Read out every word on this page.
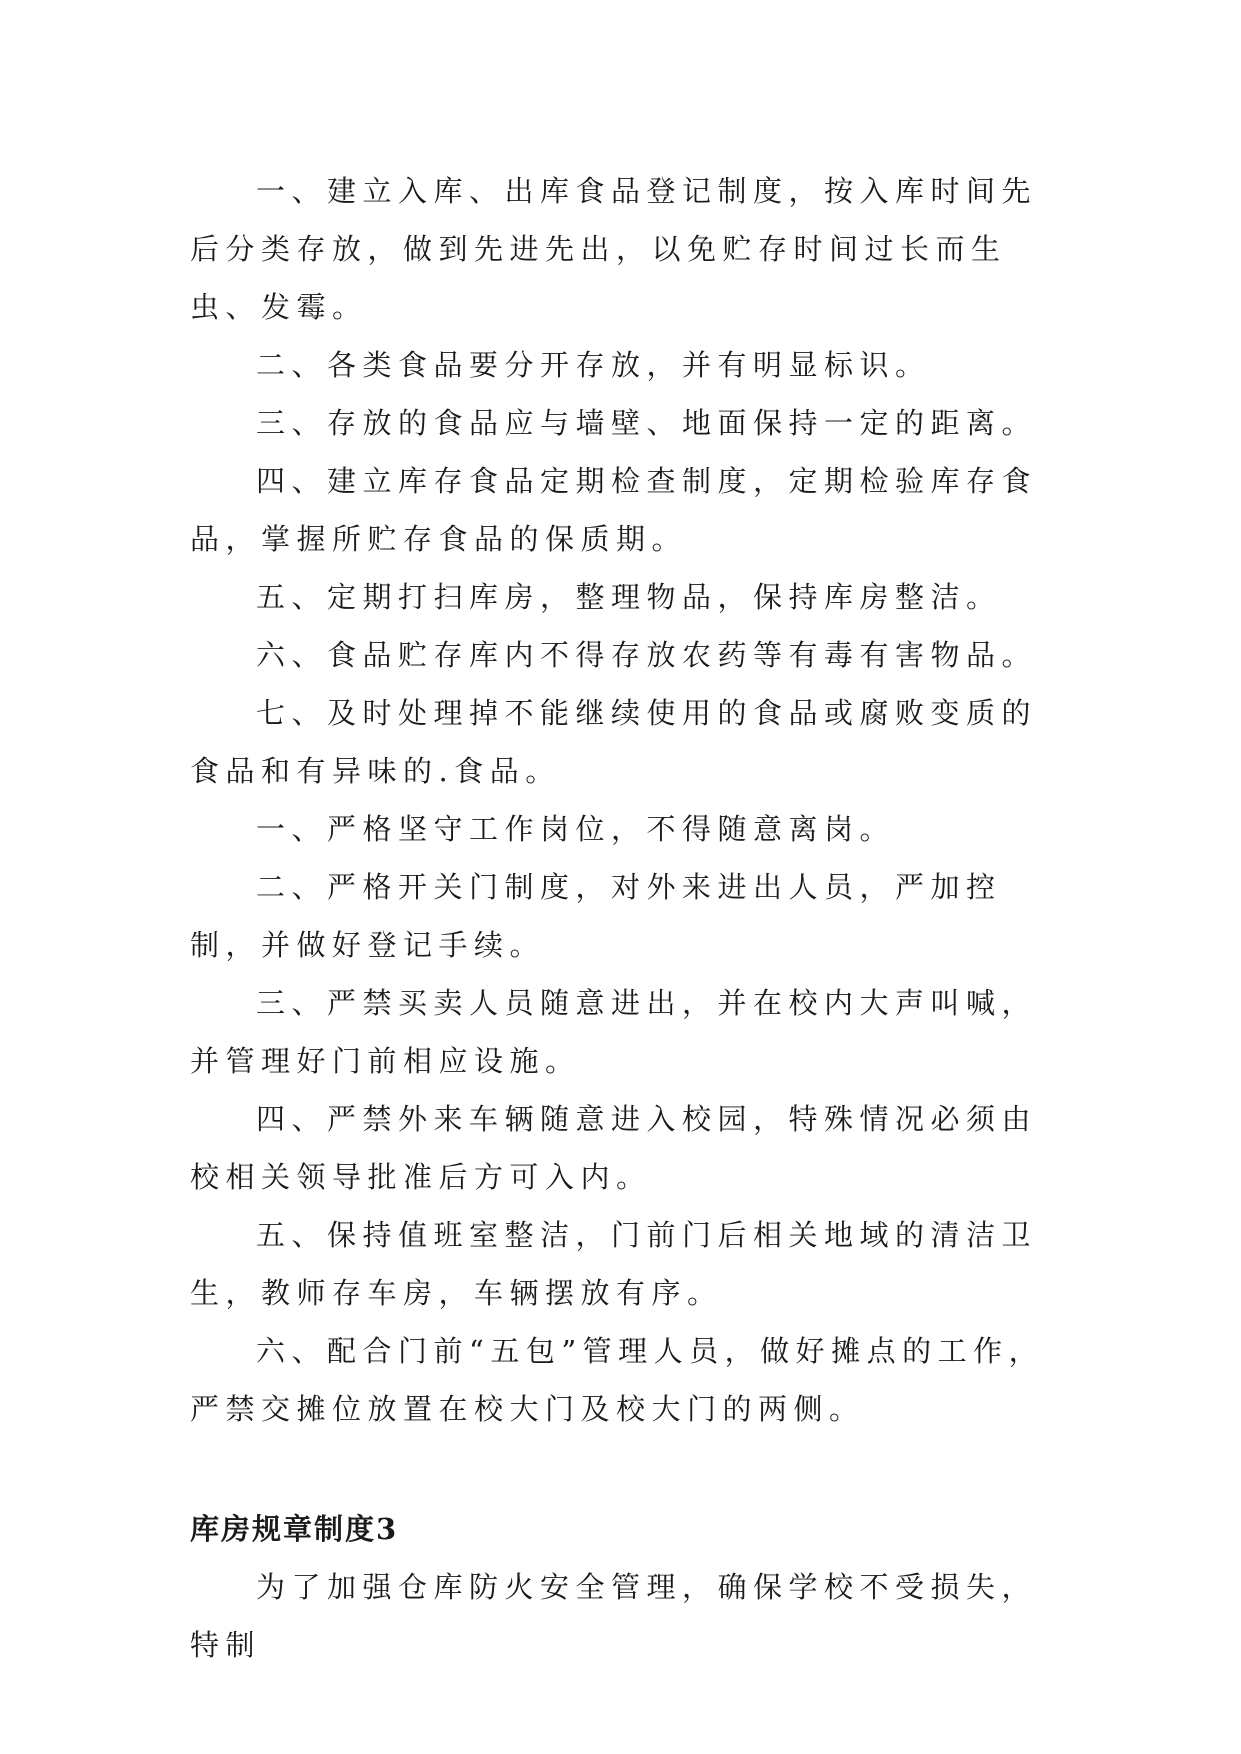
一、建立入库、出库食品登记制度，按入库时间先后分类存放，做到先进先出，以免贮存时间过长而生虫、发霉。

二、各类食品要分开存放，并有明显标识。

三、存放的食品应与墙壁、地面保持一定的距离。

四、建立库存食品定期检查制度，定期检验库存食品，掌握所贮存食品的保质期。

五、定期打扫库房，整理物品，保持库房整洁。

六、食品贮存库内不得存放农药等有毒有害物品。

七、及时处理掉不能继续使用的食品或腐败变质的食品和有异味的.食品。

一、严格坚守工作岗位，不得随意离岗。

二、严格开关门制度，对外来进出人员，严加控制，并做好登记手续。

三、严禁买卖人员随意进出，并在校内大声叫喊，并管理好门前相应设施。

四、严禁外来车辆随意进入校园，特殊情况必须由校相关领导批准后方可入内。

五、保持值班室整洁，门前门后相关地域的清洁卫生，教师存车房，车辆摆放有序。

六、配合门前“五包”管理人员，做好摊点的工作，严禁交摊位放置在校大门及校大门的两侧。

库房规章制度3

为了加强仓库防火安全管理，确保学校不受损失，特制
